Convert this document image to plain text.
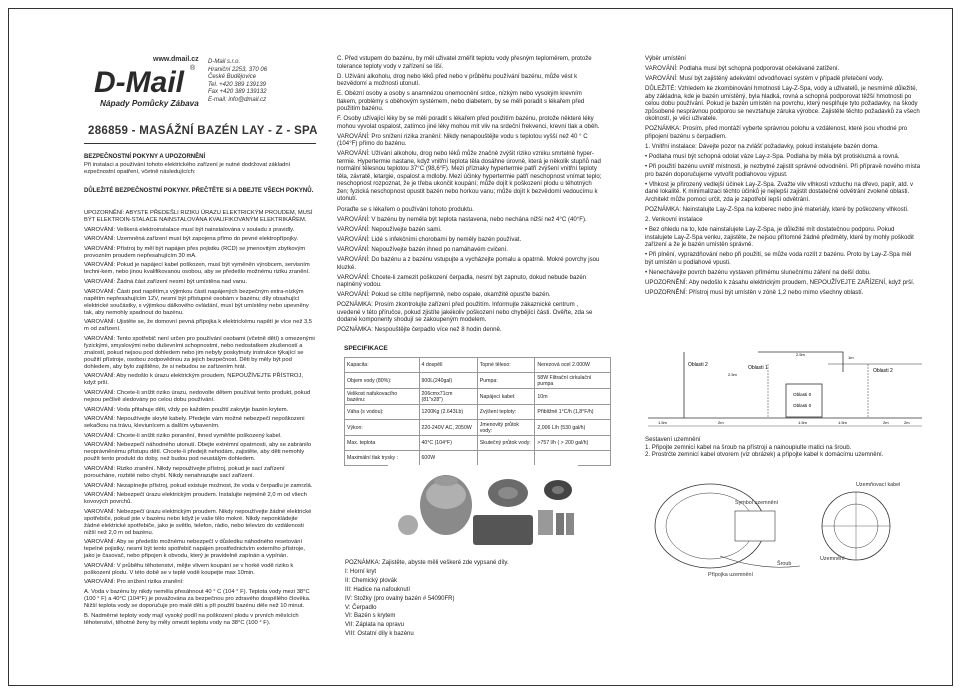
www.dmail.cz
D-Mail ®
Nápady Pomůcky Zábava
D-Mail s.r.o.
Hraniční 2253, 370 06
České Budějovice
Tel. +420 389 139139
Fax +420 389 139132
E-mail: info@dmail.cz
286859 - MASÁŽNÍ BAZÉN LAY - Z - SPA
BEZPEČNOSTNÍ POKYNY A UPOZORNĚNÍ
Při instalaci a používání tohoto elektrického zařízení je nutné dodržovat základní ezpečnostní opatření, včetně následujících:
DŮLEŽITÉ BEZPEČNOSTNÍ POKYNY. PŘEČTĚTE SI A DBEJTE VŠECH POKYNŮ.

UPOZORNĚNÍ: ABYSTE PŘEDEŠLI RIZIKU ÚRAZU ELEKTRICKÝM PROUDEM, MUSÍ BÝT ELEKTROIN-STALACE NAINSTALOVÁNA KVALIFIKOVANÝM ELEKTRIKÁŘEM.

VAROVÁNÍ: Veškerá elektroinstalace musí být nainstalována v souladu s pravidly.

VAROVÁNÍ: Uzemněná zařízení musí být zapojena přímo do pevné elektropřípojky.

VAROVÁNÍ: Přístroj by měl být napájen přes pojistku (RCD) se jmenovitým zbytkovým provozním proudem nepřesahujícím 30 mA.

VAROVÁNÍ: Pokud je napájecí kabel poškozen, musí být vyměněn výrobcem, servisním techni-kem, nebo jinou kvalifikovanou osobou, aby se předešlo možnému riziku zranění.

VAROVÁNÍ: Žádná část zařízení nesmí být umístěna nad vanu.

VAROVÁNÍ: Části pod napětím,s výjimkou částí napájených bezpečným extra-nízkým napětím nepřesahujícím 12V, nesmí být přístupné osobám v bazénu; díly obsahující elektrické součástky, s výjimkou dálkového ovládání, musí být umístěny nebo upevněny tak, aby nemohly spadnout do bazénu.

VAROVÁNÍ: Ujistěte se, že domovní pevná přípojka k elektrickému napětí je více než 3,5 m od zařízení.

VAROVÁNÍ: Tento spotřebič není určen pro používání osobami (včetně dětí) s omezenými fyzickými, smyslovými nebo duševními schopnostmi, nebo nedostatkem zkušeností a znalostí, pokud nejsou pod dohledem nebo jim nebyly poskytnuty instrukce týkající se použití přístroje, osobou zodpovědnou za jejich bezpečnost. Děti by měly být pod dohledem, aby bylo zajištěno, že si nebudou se zařízením hrát.

VAROVÁNÍ: Aby nedošlo k úrazu elektrickým proudem, NEPOUŽÍVEJTE PŘÍSTROJ, když prší.

VAROVÁNÍ: Chcete-li snížit riziko úrazu, nedovolte dětem používat tento produkt, pokud nejsou pečlivě sledovány po celou dobu používání.

VAROVÁNÍ: Voda přitahuje děti, vždy po každém použití zakrytje bazén krytem.

VAROVÁNÍ: Nepoužívejte skryté kabely. Předejte vám možné nebezpečí nepoškozeni sekačkou na trávu, kleviunícem a dalším vybavením.

VAROVÁNÍ: Chcete-li snížit riziko poranění, ihned vyměňte poškozený kabel.

VAROVÁNÍ: Nebezpečí náhodného utonutí. Dbejte extrémní opatrnosti, aby se zabránilo neoprávněnému přístupu dětí. Chcete-li předejít nehodám, zajistěte, aby děti nemohly použít tento produkt do doby, než budou pod neustálým dohledem.

VAROVÁNÍ: Riziko zranění. Nikdy nepoužívejte přístroj, pokud je sací zařízení poroucháne, rozbité nebo chybí. Nikdy nenahrazujte sací zařízení.

VAROVÁNÍ: Nezapínejte přístroj, pokud existuje možnost, že voda v čerpadlu je zamrzlá.

VAROVÁNÍ: Nebezpečí úrazu elektrickým proudem. Instalujte nejméně 2,0 m od všech kovových povrchů.

VAROVÁNÍ: Nebezpečí úrazu elektrickým proudem. Nikdy nepoužívejte žádné elektrické spotřebiče, pokud jste v bazénu nebo když je vaše tělo mokré. Nikdy neponkládejte žádné elektrické spotřebiče, jako je světlo, telefon, rádio, nebo televizo do vzdálenosti nižší než 2,0 m od bazénu.

VAROVÁNÍ: Aby se předešlo možnému nebezpečí v důsledku náhodného resetování tepelné pojistky, nesmí být tento spotřebič napájen prostřednictvím externího přístroje, jako je časovač, nebo připojen k obvodu, který je pravidelně zapínán a vypínán.

VAROVÁNÍ: V průběhu těhotenství, mějte vlivem koupání se v horké vodě riziko k poškození plodu. V této době se v teplé vodě koupejte max 10min.

VAROVÁNÍ: Pro snížení rizika zranění:

A. Voda v bazénu by nikdy neměla přesáhnout 40 ° C (104 ° F). Teplota vody mezi 38°C (100 ° F) a 40°C (104°F) je považována za bezpečnou pro zdravého dospělého člověka. Nižší teplota vody se doporučuje pro malé děti a při použití bazénu déle než 10 minut.

B. Nadměrné teploty vody mají vysoký podíl na poškození plodu v prvních měsících těhotenství, těhotné ženy by měly omezit teplotu vody na 38°C (100 ° F).

C. Před vstupem do bazénu, by měl uživatel změřit teplotu vody přesným teploměrem, protože tolerance teploty vody v zařízení se liší.

D. Užívání alkoholu, drog nebo léků před nebo v průběhu používání bazénu, může vést k bezvědomí a možnosti utonutí.

E. Obézní osoby a osoby s anamnézou onemocnění srdce, nízkým nebo vysokým krevním tlakem, problémy s oběhovým systémem, nebo diabetem, by se měli poradit s lékařem před použitím bazénu.

F. Osoby užívající léky by se měli poradit s lékařem před použitím bazénu, protože některé léky mohou vyvolat ospalost, zatímco jiné léky mohou mít vliv na srdeční frekvenci, krevní tlak a oběh.

VAROVÁNÍ: Pro snížení rizika zranění: Nikdy nenapouštějte vodu s teplotou vyšší než 40 ° C (104°F) přímo do bazénu.

VAROVÁNÍ: Užívání alkoholu, drog nebo léků může značně zvýšit riziko vzniku smrtelné hyper-termie. Hypertermie nastane, když vnitřní teplota těla dosáhne úrovně, která je několik stupňů nad normální tělesnou teplotou 37°C (98,6°F). Mezi příznaky hypertermie patří zvýšení vnitřní teploty těla, závratě, letargie, ospalost a mdloby. Mezi účinky hypertermie patří neschopnost vnímat teplo; neschopnost rozpoznat, že je třeba ukončit koupání; může dojít k poškození plodu u těhotných žen; fyzická neschopnost opustit bazén nebo horkou vanu; může dojít k bezvědomí vedoucímu k utonutí.

Poraďte se s lékařem o používání tohoto produktu.

VAROVÁNÍ: V bazénu by neměla být teplota nastavena, nebo nechána nižší než 4°C (40°F).

VAROVÁNÍ: Nepoužívejte bazén sami.

VAROVÁNÍ: Lidé s infekčními chorobami by neměly bazén používat.

VAROVÁNÍ: Nepoužívejte bazén ihned po namáhavém cvičení.

VAROVÁNÍ: Do bazénu a z bazénu vstupujte a vycházejte pomalu a opatrně. Mokré povrchy jsou kluzké.

VAROVÁNÍ: Chcete-li zamezit poškození čerpadla, nesmí být zapnuto, dokud nebude bazén naplněný vodou.

VAROVÁNÍ: Pokud se cítíte nepříjemně, nebo ospale, okamžitě opusťte bazén.

POZNÁMKA: Prosím zkontrolujte zařízení před použitím. Informujte zákaznické centrum , uvedené v této příručce, pokud zjistíte jakékoliv poškození nebo chybějící části. Ověřte, zda se dodané komponenty shodují se zakoupeným modelem.

POZNÁMKA: Nespouštějte čerpadlo více než 8 hodin denně.

SPECIFIKACE
Kapacita:	4 dospělí	Topné těleso:	Nerezová ocel 2.000W
Objem vody (80%):	900L(240gal)	Pumpa:	58W Filtrační cirkulační pumpa
Velikost nafukovacího bazénu:	206cmx71cm (81"x28")	Napájecí kabel:	10m
Váha (s vodou):	1200Kg (2.643Lb)	Zvýšení teploty:	Přibližně 1°C/h (1,8°F/h)
Výkon:	220-240V AC, 2050W	Jmenovitý průtok vody:	2,006 L/h (530 gal/h)
Max. teplota	40°C (104°F)	Skutečný průtok vody:	>757 l/h ( > 200 gal/h)
Maximální tlak trysky :	600W		

POZNÁMKA: Zajistěte, abyste měli veškeré zde vypsané díly.

I: Horní kryt

II: Chemický plovák

III: Hadice na nafouknutí

IV: Stožky (pro ovalný bazén # 54090FR)

V: Čerpadlo

VI: Bazén s krytem

VII: Záplata na opravu

VIII: Ostatní díly k bazénu

Výběr umístění

VAROVÁNÍ: Podlaha musí být schopná podporovat očekávané zatížení.

VAROVÁNÍ: Musí být zajištěný adekvátní odvodňovací systém v případě přetečení vody.

DŮLEŽITÉ: Vzhledem ke zkombinování hmotnosti Lay-Z-Spa, vody a uživatelů, je nesmírně důležité, aby základna, kde je bazén umístěný, byla hladká, rovná a schopná podporovat těžší hmotnosti po celou dobu používání. Pokud je bazén umístěn na povrchu, který nesplňuje tyto požadavky, na škody způsobené nesprávnou podporou se nevztahuje záruka výrobce. Zajistěte těchto požadavků za všech okolností, je věci uživatele.

POZNÁMKA: Prosím, před montáží vyberte správnou polohu a vzdálenost, které jsou vhodné pro připojení bazénu s čerpadlem.

1. Vnitřní instalace: Dávejte pozor na zvlášť požadavky, pokud instalujete bazén doma.

• Podlaha musí být schopná odolat váze Lay-z-Spa. Podlaha by měla být protiskluzná a rovná.

• Při použití bazénu uvnitř místnosti, je nezbytné zajistit správné odvodnění. Při přípravě nového místa pro bazén doporučujeme vytvořit podlahovou výpust.

• Vlhkost je přirozený vedlejší účinek Lay-Z-Spa. Zvažte vliv vlhkosti vzduchu na dřevo, papír, atd. v dané lokalitě. K minimalizaci těchto účinků je nejlepší zajistit dostatečné odvětrání zvolené oblasti. Architekt může pomoci určit, zda je zapotřebí lepší odvětrání.

POZNÁMKA: Neinstalujte Lay-Z-Spa na koberec nebo jiné materiály, které by poškozeny vlhkostí.

2. Venkovní instalace

• Bez ohledu na to, kde nainstalujete Lay-Z-Spa, je důležité mít dostatečnou podporu. Pokud instalujete Lay-Z-Spa venku, zajistěte, že nejsou přítomné žádné předměty, které by mohly poškodit zařízení a že je bazén umístěn správně.

• Při plnění, vyprazdňování nebo při použití, se může voda rozlít z bazénu. Proto by Lay-Z-Spa měl být umístěn u podlahové vpusti.

• Nenechávejte povrch bazénu vystaven přímému slunečnímu záření na delší dobu.

UPOZORNĚNÍ: Aby nedošlo k zásahu elektrickým proudem, NEPOUŽÍVEJTE ZAŘÍZENÍ, když prší.

UPOZORNĚNÍ: Přístroj musí být umístěn v zóně 1,2 nebo mimo všechny oblastí.

Oblasti 2	Oblasti 1	Oblasti 2
Oblasti 0
Oblasti 0
2.5m
2.5m
1.5m	2m	1.5m	1.5m	2m	2m
1m

Sestavení uzemnění

1. Připojte zemnicí kabel na šroub na přístroji a nainoupiulte matici na šroub.

2. Prostrčte zemnicí kabel otvorem (viz obrázek) a připojte kabel k domácímu uzemnění.

Uzemňovací kabel
Symbol uzemnění
Šroub
Uzemnění
Přípojka uzemnění
